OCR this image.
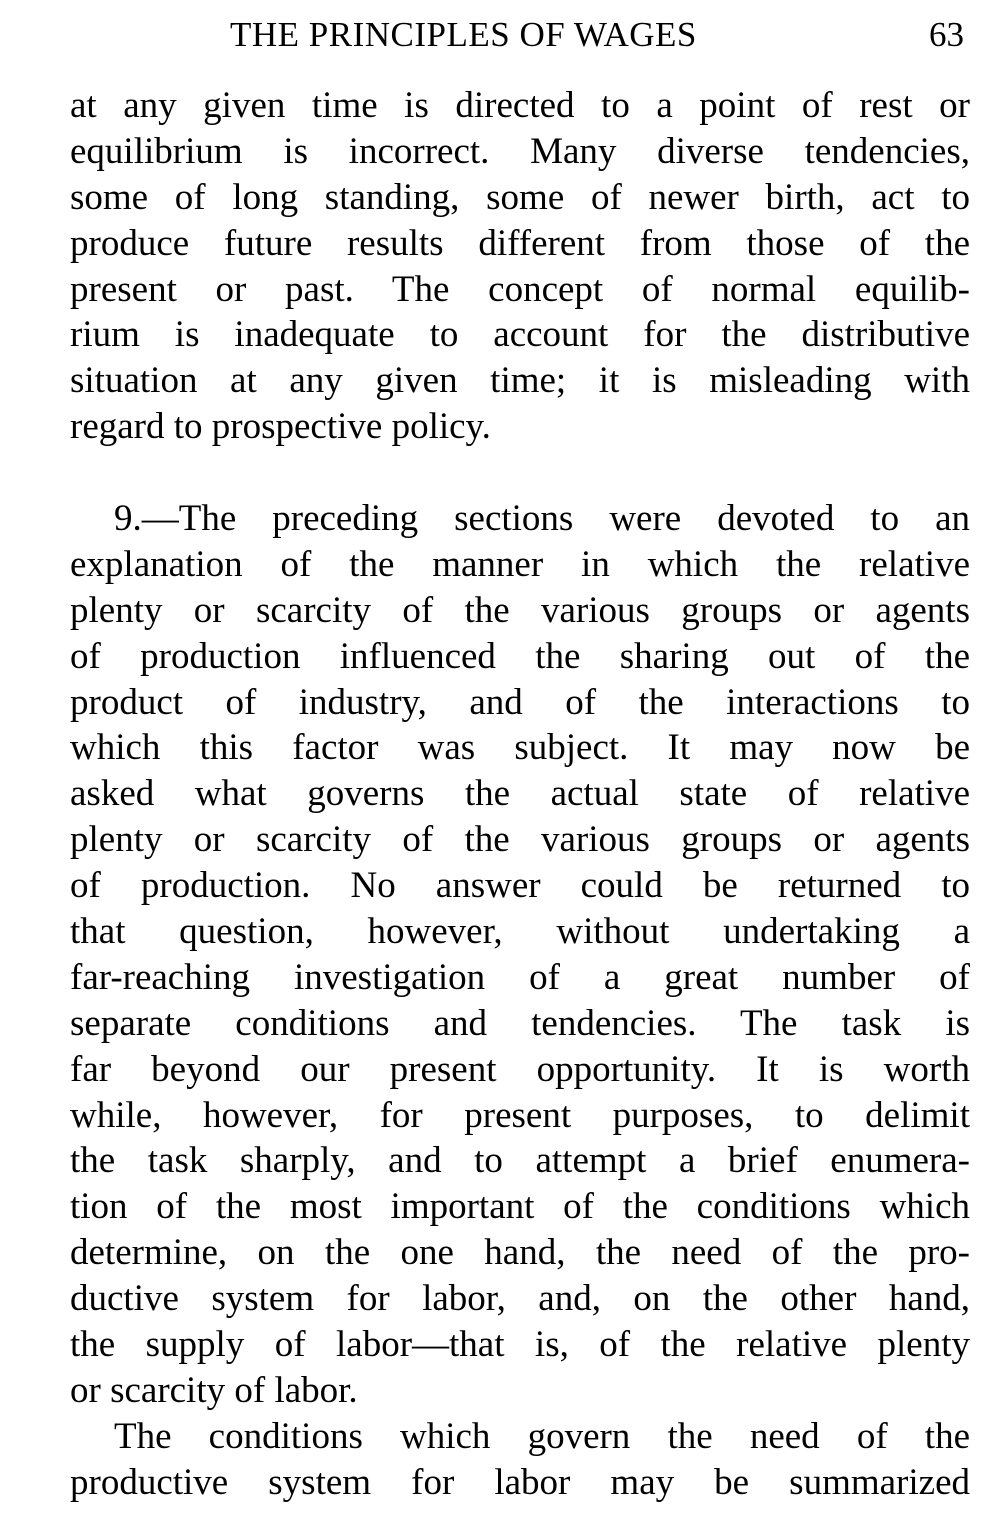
THE PRINCIPLES OF WAGES	63
at any given time is directed to a point of rest or
equilibrium is incorrect. Many diverse tendencies,
some of long standing, some of newer birth, act to
produce future results different from those of the
present or past. The concept of normal equilib-
rium is inadequate to account for the distributive
situation at any given time; it is misleading with
regard to prospective policy.
9.—The preceding sections were devoted to an
explanation of the manner in which the relative
plenty or scarcity of the various groups or agents
of production influenced the sharing out of the
product of industry, and of the interactions to
which this factor was subject. It may now be
asked what governs the actual state of relative
plenty or scarcity of the various groups or agents
of production. No answer could be returned to
that question, however, without undertaking a
far-reaching investigation of a great number of
separate conditions and tendencies. The task is
far beyond our present opportunity. It is worth
while, however, for present purposes, to delimit
the task sharply, and to attempt a brief enumera-
tion of the most important of the conditions which
determine, on the one hand, the need of the pro-
ductive system for labor, and, on the other hand,
the supply of labor—that is, of the relative plenty
or scarcity of labor.
The conditions which govern the need of the
productive system for labor may be summarized
